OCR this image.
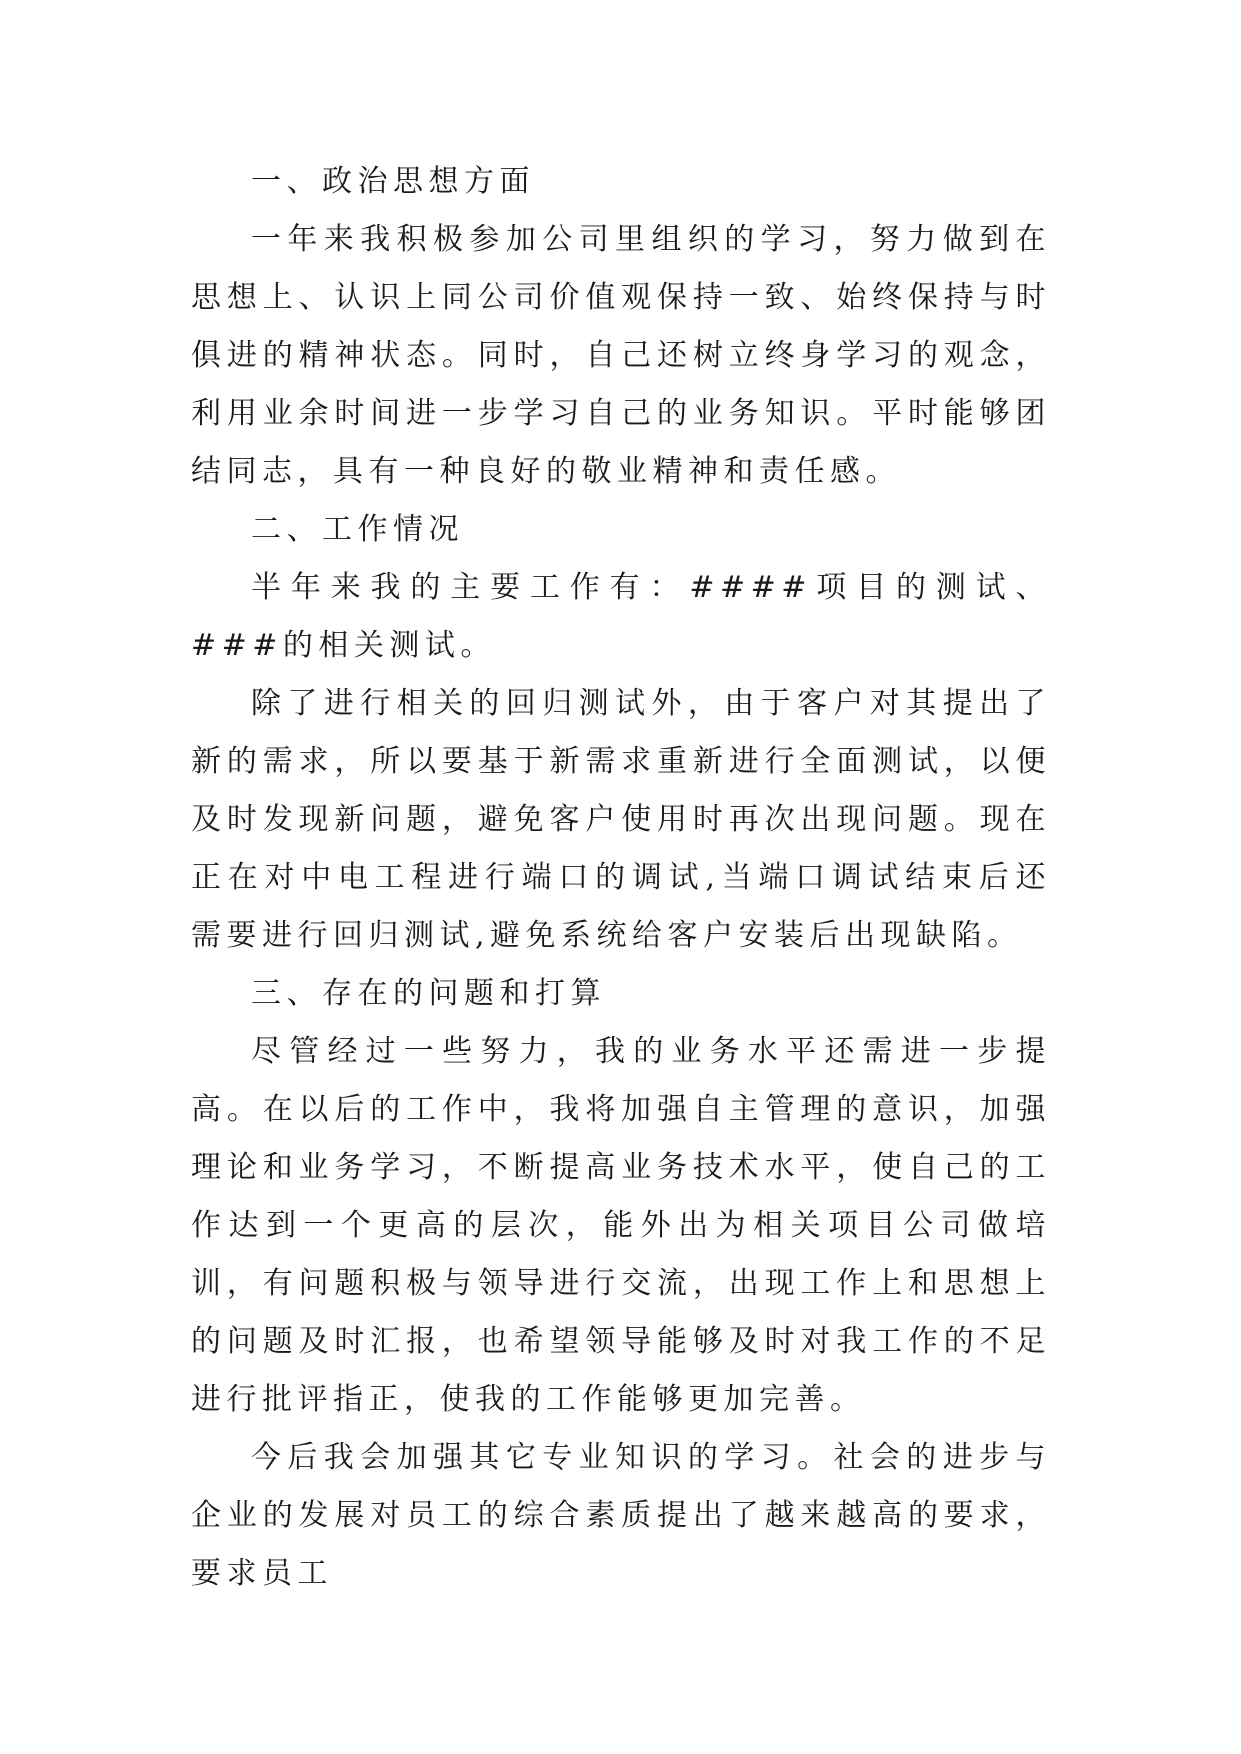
一、政治思想方面

一年来我积极参加公司里组织的学习，努力做到在思想上、认识上同公司价值观保持一致、始终保持与时俱进的精神状态。同时，自己还树立终身学习的观念，利用业余时间进一步学习自己的业务知识。平时能够团结同志，具有一种良好的敬业精神和责任感。

二、工作情况

半年来我的主要工作有：####项目的测试、###的相关测试。

除了进行相关的回归测试外，由于客户对其提出了新的需求，所以要基于新需求重新进行全面测试，以便及时发现新问题，避免客户使用时再次出现问题。现在正在对中电工程进行端口的调试,当端口调试结束后还需要进行回归测试,避免系统给客户安装后出现缺陷。

三、存在的问题和打算

尽管经过一些努力，我的业务水平还需进一步提高。在以后的工作中，我将加强自主管理的意识，加强理论和业务学习，不断提高业务技术水平，使自己的工作达到一个更高的层次，能外出为相关项目公司做培训，有问题积极与领导进行交流，出现工作上和思想上的问题及时汇报，也希望领导能够及时对我工作的不足进行批评指正，使我的工作能够更加完善。

今后我会加强其它专业知识的学习。社会的进步与企业的发展对员工的综合素质提出了越来越高的要求，要求员工
